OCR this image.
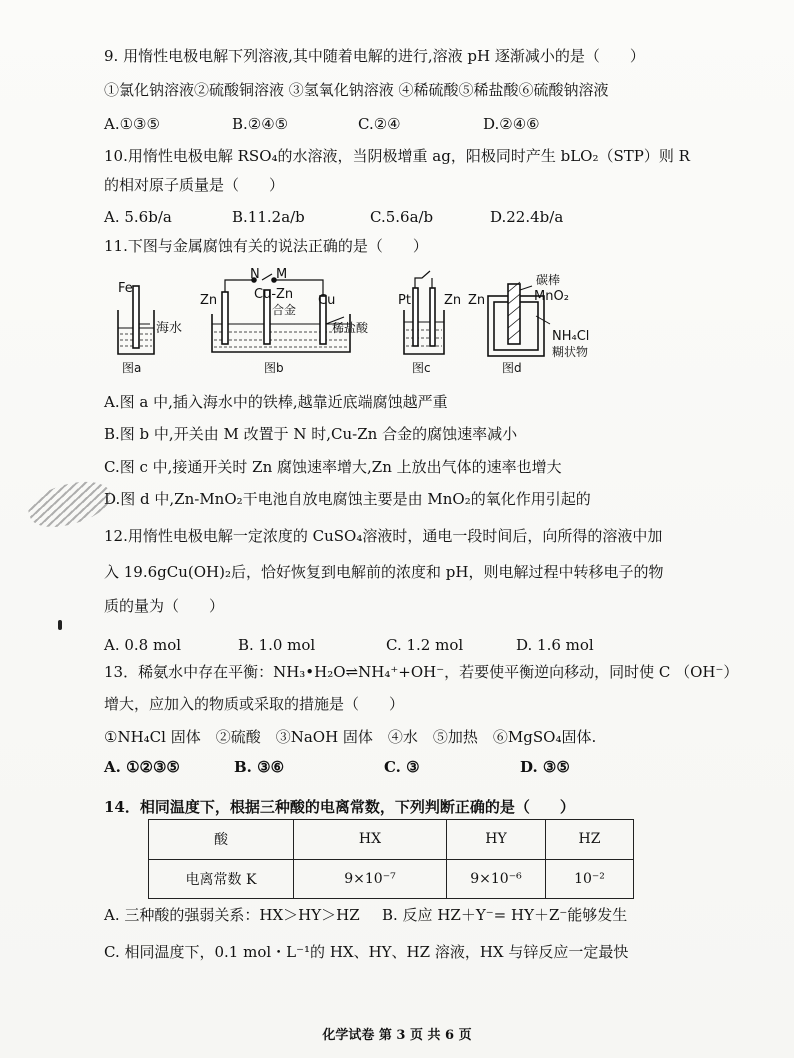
9. 用惰性电极电解下列溶液,其中随着电解的进行,溶液 pH 逐渐减小的是（　　）
①氯化钠溶液②硫酸铜溶液 ③氢氧化钠溶液 ④稀硫酸⑤稀盐酸⑥硫酸钠溶液
A.①③⑤	B.②④⑤	C.②④	D.②④⑥
10.用惰性电极电解 RSO₄的水溶液，当阴极增重 ag，阳极同时产生 bLO₂（STP）则 R
的相对原子质量是（　　）
A. 5.6b/a	B.11.2a/b	C.5.6a/b	D.22.4b/a
11.下图与金属腐蚀有关的说法正确的是（　　）
Fe
海水
图a
N M
Zn	Cu-Zn
合金
Cu
稀盐酸
图b
Pt	Zn
图c
Zn
碳棒
MnO₂
NH₄Cl
糊状物
图d
A.图 a 中,插入海水中的铁棒,越靠近底端腐蚀越严重
B.图 b 中,开关由 M 改置于 N 时,Cu-Zn 合金的腐蚀速率减小
C.图 c 中,接通开关时 Zn 腐蚀速率增大,Zn 上放出气体的速率也增大
D.图 d 中,Zn-MnO₂干电池自放电腐蚀主要是由 MnO₂的氧化作用引起的
12.用惰性电极电解一定浓度的 CuSO₄溶液时，通电一段时间后，向所得的溶液中加
入 19.6gCu(OH)₂后，恰好恢复到电解前的浓度和 pH，则电解过程中转移电子的物
质的量为（　　）
A. 0.8 mol	B. 1.0 mol	C. 1.2 mol	D. 1.6 mol
13．稀氨水中存在平衡：NH₃•H₂O⇌NH₄⁺+OH⁻，若要使平衡逆向移动，同时使 C （OH⁻）
增大，应加入的物质或采取的措施是（　　）
①NH₄Cl 固体　②硫酸　③NaOH 固体　④水　⑤加热　⑥MgSO₄固体.
A. ①②③⑤	B. ③⑥	C. ③	D. ③⑤
14．相同温度下，根据三种酸的电离常数，下列判断正确的是（　　）
酸	HX	HY	HZ
电离常数 K	9×10⁻⁷	9×10⁻⁶	10⁻²
A. 三种酸的强弱关系：HX＞HY＞HZ B. 反应 HZ＋Y⁻= HY＋Z⁻能够发生
C. 相同温度下，0.1 mol・L⁻¹的 HX、HY、HZ 溶液，HX 与锌反应一定最快
化学试卷 第 3 页 共 6 页
